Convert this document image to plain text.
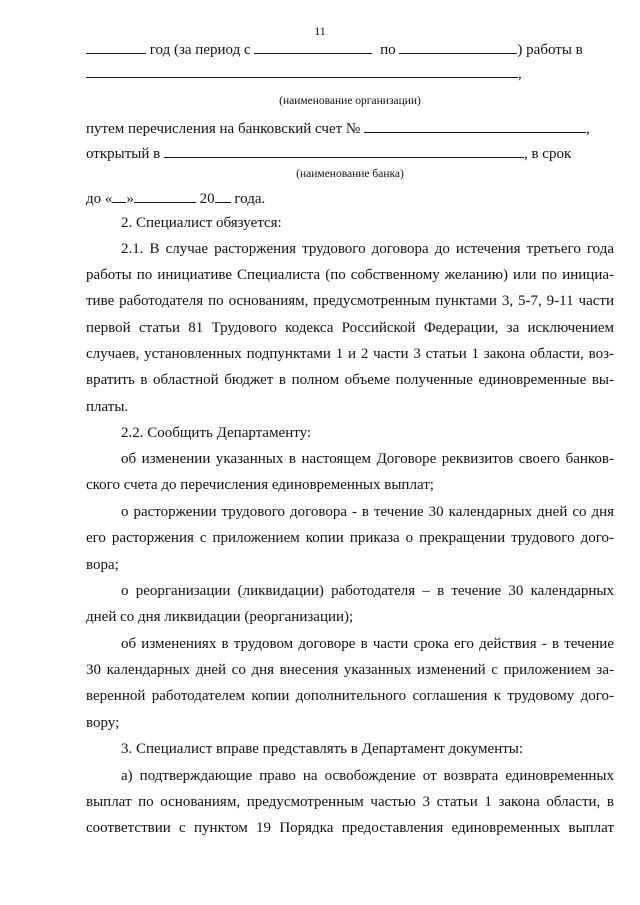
11
год (за период с	по	) работы в
,
(наименование организации)
путем перечисления на банковский счет №	,
открытый в	, в срок
(наименование банка)
до « »	20 года.
2. Специалист обязуется:
2.1. В случае расторжения трудового договора до истечения третьего года
работы по инициативе Специалиста (по собственному желанию) или по инициа-
тиве работодателя по основаниям, предусмотренным пунктами 3, 5-7, 9-11 части
первой статьи 81 Трудового кодекса Российской Федерации, за исключением
случаев, установленных подпунктами 1 и 2 части 3 статьи 1 закона области, воз-
вратить в областной бюджет в полном объеме полученные единовременные вы-
платы.
2.2. Сообщить Департаменту:
об изменении указанных в настоящем Договоре реквизитов своего банков-
ского счета до перечисления единовременных выплат;
о расторжении трудового договора - в течение 30 календарных дней со дня
его расторжения с приложением копии приказа о прекращении трудового дого-
вора;
о реорганизации (ликвидации) работодателя – в течение 30 календарных
дней со дня ликвидации (реорганизации);
об изменениях в трудовом договоре в части срока его действия - в течение
30 календарных дней со дня внесения указанных изменений с приложением за-
веренной работодателем копии дополнительного соглашения к трудовому дого-
вору;
3. Специалист вправе представлять в Департамент документы:
а) подтверждающие право на освобождение от возврата единовременных
выплат по основаниям, предусмотренным частью 3 статьи 1 закона области, в
соответствии с пунктом 19 Порядка предоставления единовременных выплат
